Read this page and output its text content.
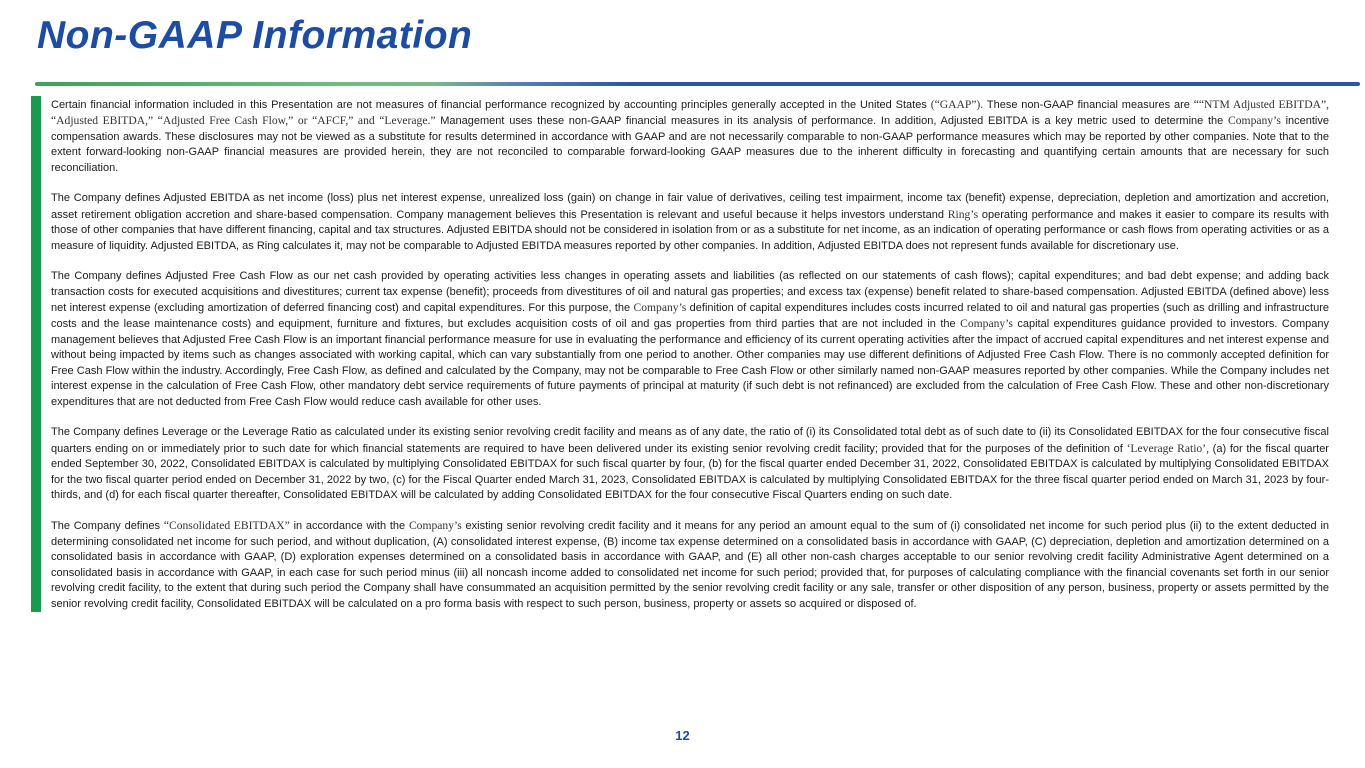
Non-GAAP Information

Certain financial information included in this Presentation are not measures of financial performance recognized by accounting principles generally accepted in the United States (“GAAP”). These non-GAAP financial measures are ““NTM Adjusted EBITDA”, “Adjusted EBITDA,” “Adjusted Free Cash Flow,” or “AFCF,” and “Leverage.” Management uses these non-GAAP financial measures in its analysis of performance. In addition, Adjusted EBITDA is a key metric used to determine the Company’s incentive compensation awards. These disclosures may not be viewed as a substitute for results determined in accordance with GAAP and are not necessarily comparable to non-GAAP performance measures which may be reported by other companies. Note that to the extent forward-looking non-GAAP financial measures are provided herein, they are not reconciled to comparable forward-looking GAAP measures due to the inherent difficulty in forecasting and quantifying certain amounts that are necessary for such reconciliation.

The Company defines Adjusted EBITDA as net income (loss) plus net interest expense, unrealized loss (gain) on change in fair value of derivatives, ceiling test impairment, income tax (benefit) expense, depreciation, depletion and amortization and accretion, asset retirement obligation accretion and share-based compensation. Company management believes this Presentation is relevant and useful because it helps investors understand Ring’s operating performance and makes it easier to compare its results with those of other companies that have different financing, capital and tax structures. Adjusted EBITDA should not be considered in isolation from or as a substitute for net income, as an indication of operating performance or cash flows from operating activities or as a measure of liquidity. Adjusted EBITDA, as Ring calculates it, may not be comparable to Adjusted EBITDA measures reported by other companies. In addition, Adjusted EBITDA does not represent funds available for discretionary use.

The Company defines Adjusted Free Cash Flow as our net cash provided by operating activities less changes in operating assets and liabilities (as reflected on our statements of cash flows); capital expenditures; and bad debt expense; and adding back transaction costs for executed acquisitions and divestitures; current tax expense (benefit); proceeds from divestitures of oil and natural gas properties; and excess tax (expense) benefit related to share-based compensation. Adjusted EBITDA (defined above) less net interest expense (excluding amortization of deferred financing cost) and capital expenditures. For this purpose, the Company’s definition of capital expenditures includes costs incurred related to oil and natural gas properties (such as drilling and infrastructure costs and the lease maintenance costs) and equipment, furniture and fixtures, but excludes acquisition costs of oil and gas properties from third parties that are not included in the Company’s capital expenditures guidance provided to investors. Company management believes that Adjusted Free Cash Flow is an important financial performance measure for use in evaluating the performance and efficiency of its current operating activities after the impact of accrued capital expenditures and net interest expense and without being impacted by items such as changes associated with working capital, which can vary substantially from one period to another. Other companies may use different definitions of Adjusted Free Cash Flow. There is no commonly accepted definition for Free Cash Flow within the industry. Accordingly, Free Cash Flow, as defined and calculated by the Company, may not be comparable to Free Cash Flow or other similarly named non-GAAP measures reported by other companies. While the Company includes net interest expense in the calculation of Free Cash Flow, other mandatory debt service requirements of future payments of principal at maturity (if such debt is not refinanced) are excluded from the calculation of Free Cash Flow. These and other non-discretionary expenditures that are not deducted from Free Cash Flow would reduce cash available for other uses.

The Company defines Leverage or the Leverage Ratio as calculated under its existing senior revolving credit facility and means as of any date, the ratio of (i) its Consolidated total debt as of such date to (ii) its Consolidated EBITDAX for the four consecutive fiscal quarters ending on or immediately prior to such date for which financial statements are required to have been delivered under its existing senior revolving credit facility; provided that for the purposes of the definition of ‘Leverage Ratio’, (a) for the fiscal quarter ended September 30, 2022, Consolidated EBITDAX is calculated by multiplying Consolidated EBITDAX for such fiscal quarter by four, (b) for the fiscal quarter ended December 31, 2022, Consolidated EBITDAX is calculated by multiplying Consolidated EBITDAX for the two fiscal quarter period ended on December 31, 2022 by two, (c) for the Fiscal Quarter ended March 31, 2023, Consolidated EBITDAX is calculated by multiplying Consolidated EBITDAX for the three fiscal quarter period ended on March 31, 2023 by four-thirds, and (d) for each fiscal quarter thereafter, Consolidated EBITDAX will be calculated by adding Consolidated EBITDAX for the four consecutive Fiscal Quarters ending on such date.

The Company defines “Consolidated EBITDAX” in accordance with the Company’s existing senior revolving credit facility and it means for any period an amount equal to the sum of (i) consolidated net income for such period plus (ii) to the extent deducted in determining consolidated net income for such period, and without duplication, (A) consolidated interest expense, (B) income tax expense determined on a consolidated basis in accordance with GAAP, (C) depreciation, depletion and amortization determined on a consolidated basis in accordance with GAAP, (D) exploration expenses determined on a consolidated basis in accordance with GAAP, and (E) all other non-cash charges acceptable to our senior revolving credit facility Administrative Agent determined on a consolidated basis in accordance with GAAP, in each case for such period minus (iii) all noncash income added to consolidated net income for such period; provided that, for purposes of calculating compliance with the financial covenants set forth in our senior revolving credit facility, to the extent that during such period the Company shall have consummated an acquisition permitted by the senior revolving credit facility or any sale, transfer or other disposition of any person, business, property or assets permitted by the senior revolving credit facility, Consolidated EBITDAX will be calculated on a pro forma basis with respect to such person, business, property or assets so acquired or disposed of.

12
